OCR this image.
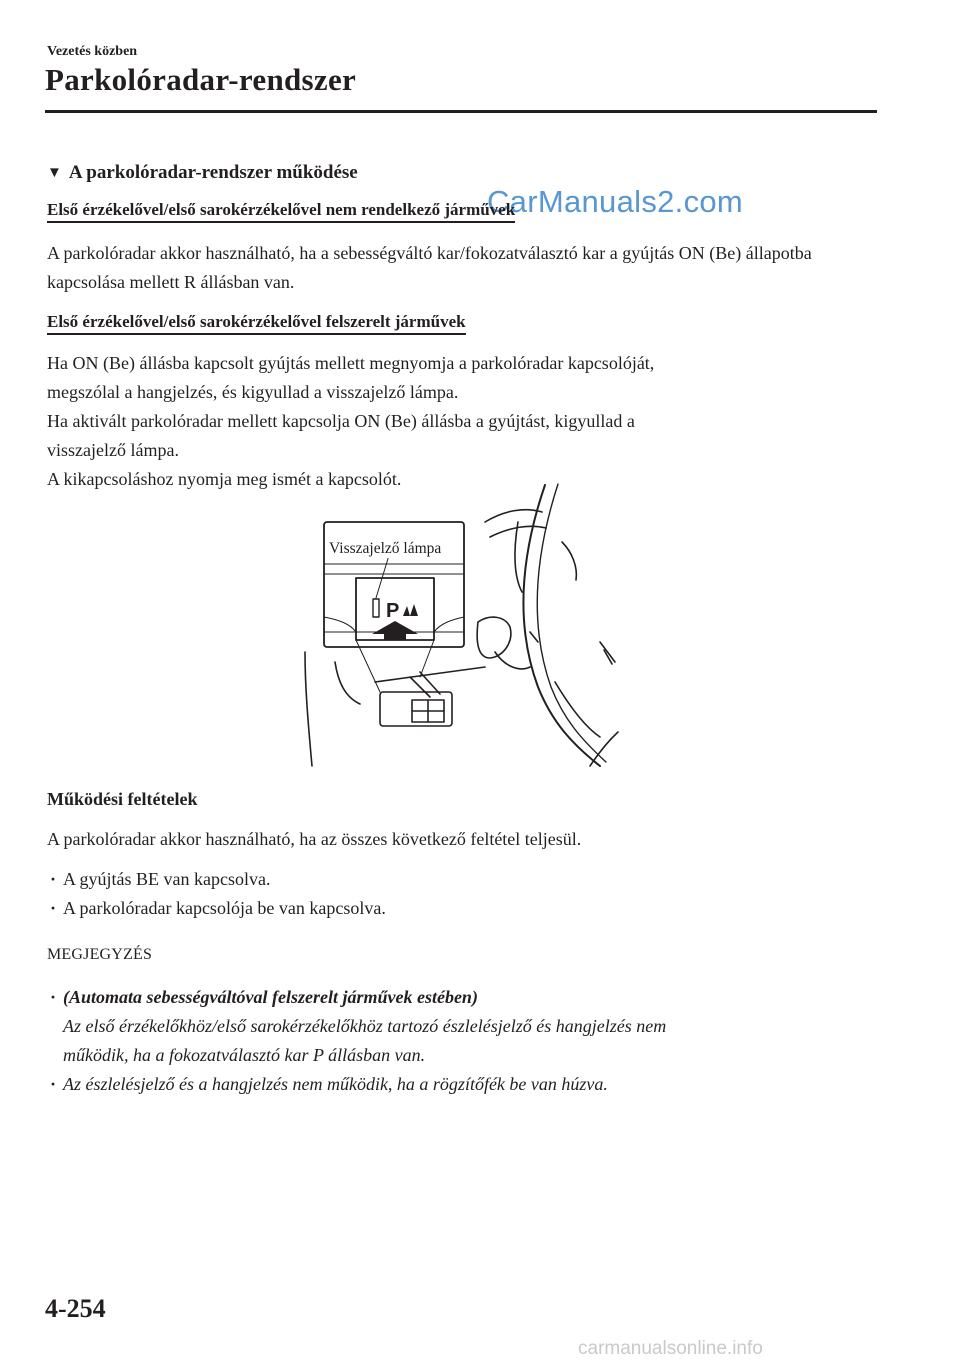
Vezetés közben
Parkolóradar-rendszer
▼ A parkolóradar-rendszer működése
CarManuals2.com
Első érzékelővel/első sarokérzékelővel nem rendelkező járművek

A parkolóradar akkor használható, ha a sebességváltó kar/fokozatválasztó kar a gyújtás ON (Be) állapotba kapcsolása mellett R állásban van.

Első érzékelővel/első sarokérzékelővel felszerelt járművek

Ha ON (Be) állásba kapcsolt gyújtás mellett megnyomja a parkolóradar kapcsolóját,

megszólal a hangjelzés, és kigyullad a visszajelző lámpa.

Ha aktivált parkolóradar mellett kapcsolja ON (Be) állásba a gyújtást, kigyullad a

visszajelző lámpa.

A kikapcsoláshoz nyomja meg ismét a kapcsolót.

P
Visszajelző lámpa
Működési feltételek

A parkolóradar akkor használható, ha az összes következő feltétel teljesül.

· A gyújtás BE van kapcsolva.
· A parkolóradar kapcsolója be van kapcsolva.
MEGJEGYZÉS
· (Automata sebességváltóval felszerelt járművek estében)
Az első érzékelőkhöz/első sarokérzékelőkhöz tartozó észlelésjelző és hangjelzés nem
működik, ha a fokozatválasztó kar P állásban van.
· Az észlelésjelző és a hangjelzés nem működik, ha a rögzítőfék be van húzva.
4-254
carmanualsonline.info
